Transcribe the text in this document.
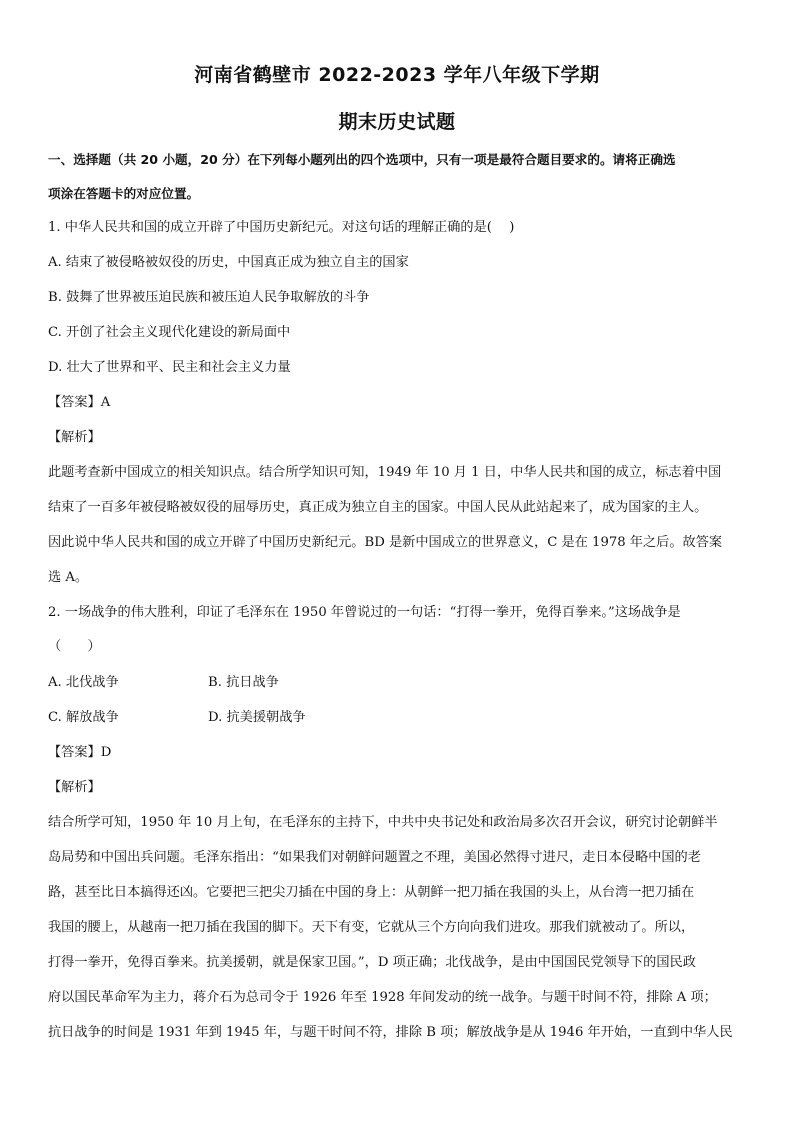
河南省鹤壁市 2022-2023 学年八年级下学期
期末历史试题
一、选择题（共 20 小题，20 分）在下列每小题列出的四个选项中，只有一项是最符合题目要求的。请将正确选
项涂在答题卡的对应位置。
1. 中华人民共和国的成立开辟了中国历史新纪元。对这句话的理解正确的是(　 )
A. 结束了被侵略被奴役的历史，中国真正成为独立自主的国家
B. 鼓舞了世界被压迫民族和被压迫人民争取解放的斗争
C. 开创了社会主义现代化建设的新局面中
D. 壮大了世界和平、民主和社会主义力量
【答案】A
【解析】
此题考查新中国成立的相关知识点。结合所学知识可知，1949 年 10 月 1 日，中华人民共和国的成立，标志着中国
结束了一百多年被侵略被奴役的屈辱历史，真正成为独立自主的国家。中国人民从此站起来了，成为国家的主人。
因此说中华人民共和国的成立开辟了中国历史新纪元。BD 是新中国成立的世界意义，C 是在 1978 年之后。故答案
选 A。
2. 一场战争的伟大胜利，印证了毛泽东在 1950 年曾说过的一句话：“打得一拳开，免得百拳来。”这场战争是
（　　）
A. 北伐战争	B. 抗日战争
C. 解放战争	D. 抗美援朝战争
【答案】D
【解析】
结合所学可知，1950 年 10 月上旬，在毛泽东的主持下，中共中央书记处和政治局多次召开会议，研究讨论朝鲜半
岛局势和中国出兵问题。毛泽东指出：“如果我们对朝鲜问题置之不理，美国必然得寸进尺，走日本侵略中国的老
路，甚至比日本搞得还凶。它要把三把尖刀插在中国的身上：从朝鲜一把刀插在我国的头上，从台湾一把刀插在
我国的腰上，从越南一把刀插在我国的脚下。天下有变，它就从三个方向向我们进攻。那我们就被动了。所以，
打得一拳开，免得百拳来。抗美援朝，就是保家卫国。”，D 项正确；北伐战争，是由中国国民党领导下的国民政
府以国民革命军为主力，蒋介石为总司令于 1926 年至 1928 年间发动的统一战争。与题干时间不符，排除 A 项；
抗日战争的时间是 1931 年到 1945 年，与题干时间不符，排除 B 项；解放战争是从 1946 年开始，一直到中华人民
